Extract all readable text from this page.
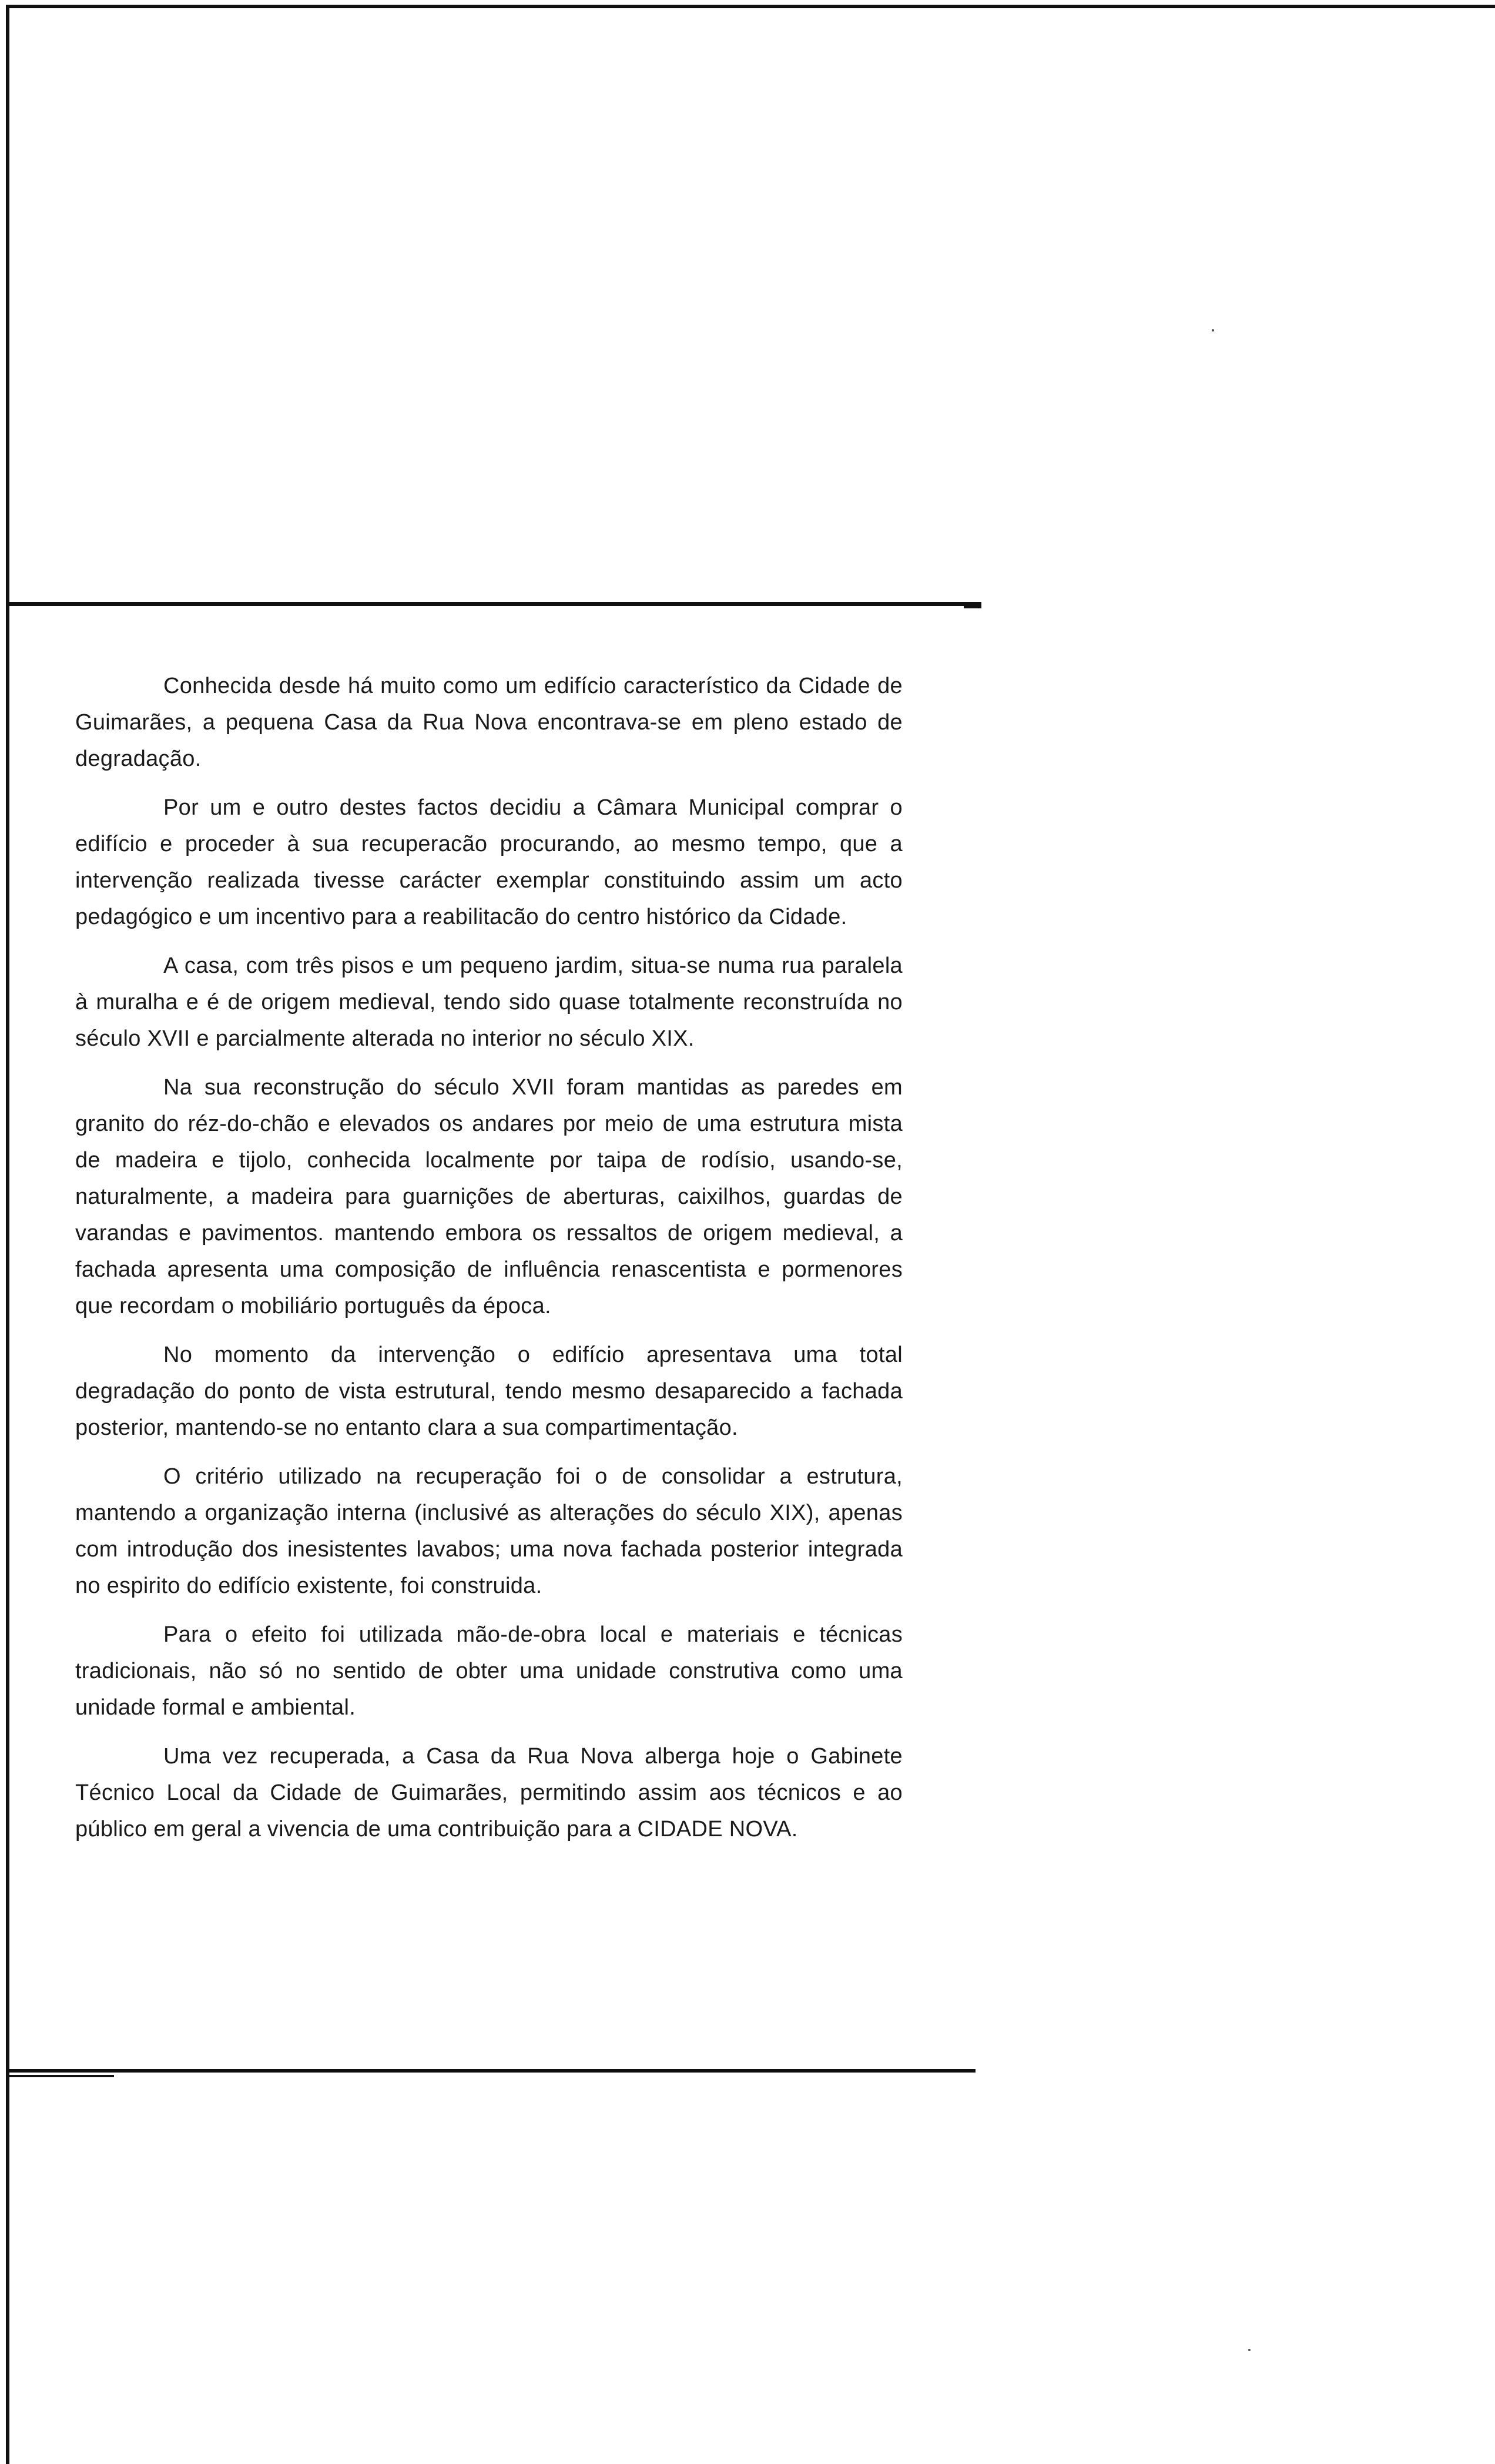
Conhecida desde há muito como um edifício característico da Cidade de Guimarães, a pequena Casa da Rua Nova encontrava-se em pleno estado de degradação.

Por um e outro destes factos decidiu a Câmara Municipal comprar o edifício e proceder à sua recuperacão procurando, ao mesmo tempo, que a intervenção realizada tivesse carácter exemplar constituindo assim um acto pedagógico e um incentivo para a reabilitacão do centro histórico da Cidade.

A casa, com três pisos e um pequeno jardim, situa-se numa rua paralela à muralha e é de origem medieval, tendo sido quase totalmente reconstruída no século XVII e parcialmente alterada no interior no século XIX.

Na sua reconstrução do século XVII foram mantidas as paredes em granito do réz-do-chão e elevados os andares por meio de uma estrutura mista de madeira e tijolo, conhecida localmente por taipa de rodísio, usando-se, naturalmente, a madeira para guarnições de aberturas, caixilhos, guardas de varandas e pavimentos. mantendo embora os ressaltos de origem medieval, a fachada apresenta uma composição de influência renascentista e pormenores que recordam o mobiliário português da época.

No momento da intervenção o edifício apresentava uma total degradação do ponto de vista estrutural, tendo mesmo desaparecido a fachada posterior, mantendo-se no entanto clara a sua compartimentação.

O critério utilizado na recuperação foi o de consolidar a estrutura, mantendo a organização interna (inclusivé as alterações do século XIX), apenas com introdução dos inesistentes lavabos; uma nova fachada posterior integrada no espirito do edifício existente, foi construida.

Para o efeito foi utilizada mão-de-obra local e materiais e técnicas tradicionais, não só no sentido de obter uma unidade construtiva como uma unidade formal e ambiental.

Uma vez recuperada, a Casa da Rua Nova alberga hoje o Gabinete Técnico Local da Cidade de Guimarães, permitindo assim aos técnicos e ao público em geral a vivencia de uma contribuição para a CIDADE NOVA.
